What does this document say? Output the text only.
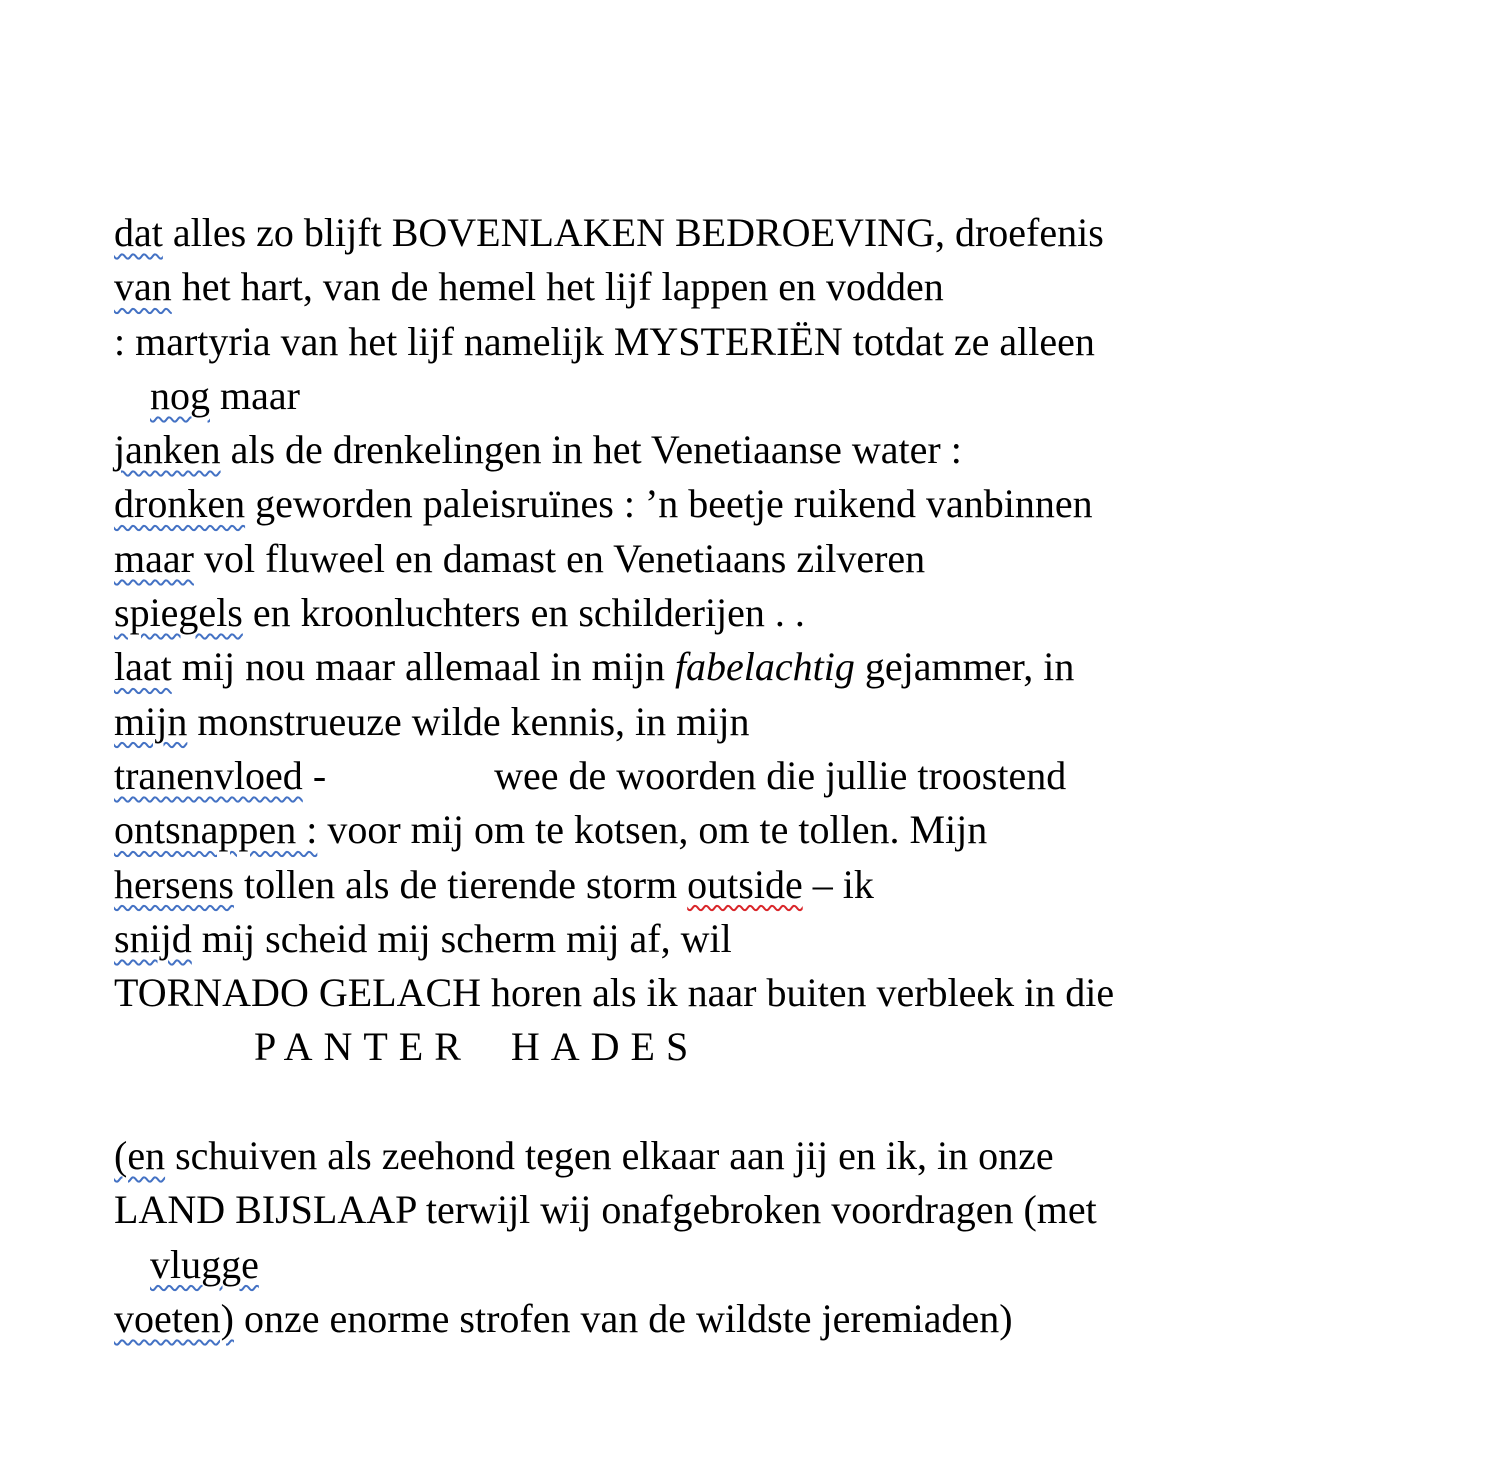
dat alles zo blijft BOVENLAKEN BEDROEVING, droefenis
van het hart, van de hemel het lijf lappen en vodden
: martyria van het lijf namelijk MYSTERIËN totdat ze alleen
nog maar
janken als de drenkelingen in het Venetiaanse water :
dronken geworden paleisruïnes : ’n beetje ruikend vanbinnen
maar vol fluweel en damast en Venetiaans zilveren
spiegels en kroonluchters en schilderijen . .
laat mij nou maar allemaal in mijn fabelachtig gejammer, in
mijn monstrueuze wilde kennis, in mijn
tranenvloed -	wee de woorden die jullie troostend
ontsnappen : voor mij om te kotsen, om te tollen. Mijn
hersens tollen als de tierende storm outside – ik
snijd mij scheid mij scherm mij af, wil
TORNADO GELACH horen als ik naar buiten verbleek in die
PANTER HADES
(en schuiven als zeehond tegen elkaar aan jij en ik, in onze
LAND BIJSLAAP terwijl wij onafgebroken voordragen (met
vlugge
voeten) onze enorme strofen van de wildste jeremiaden)
